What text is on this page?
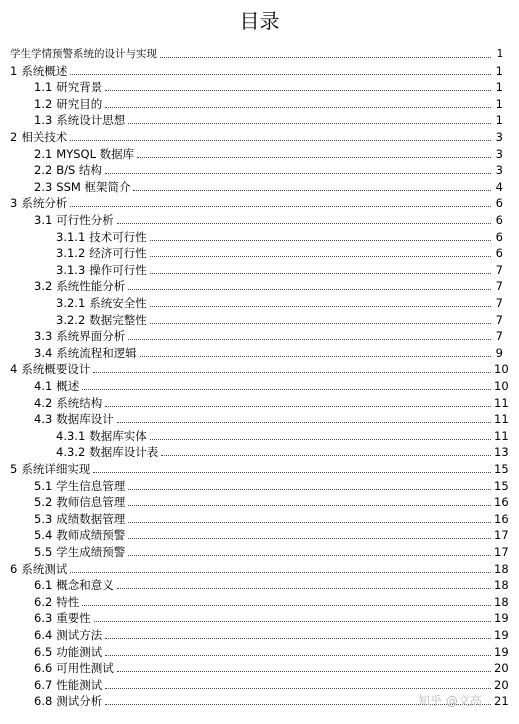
目录
学生学情预警系统的设计与实现	1
1 系统概述	1
1.1 研究背景	1
1.2 研究目的	1
1.3 系统设计思想	1
2 相关技术	3
2.1 MYSQL 数据库	3
2.2 B/S 结构	3
2.3 SSM 框架简介	4
3 系统分析	6
3.1 可行性分析	6
3.1.1 技术可行性	6
3.1.2 经济可行性	6
3.1.3 操作可行性	7
3.2 系统性能分析	7
3.2.1 系统安全性	7
3.2.2 数据完整性	7
3.3 系统界面分析	7
3.4 系统流程和逻辑	9
4 系统概要设计	10
4.1 概述	10
4.2 系统结构	11
4.3 数据库设计	11
4.3.1 数据库实体	11
4.3.2 数据库设计表	13
5 系统详细实现	15
5.1 学生信息管理	15
5.2 教师信息管理	16
5.3 成绩数据管理	16
5.4 教师成绩预警	17
5.5 学生成绩预警	17
6 系统测试	18
6.1 概念和意义	18
6.2 特性	18
6.3 重要性	19
6.4 测试方法	19
6.5 功能测试	19
6.6 可用性测试	20
6.7 性能测试	20
6.8 测试分析	21
知乎 @文高
